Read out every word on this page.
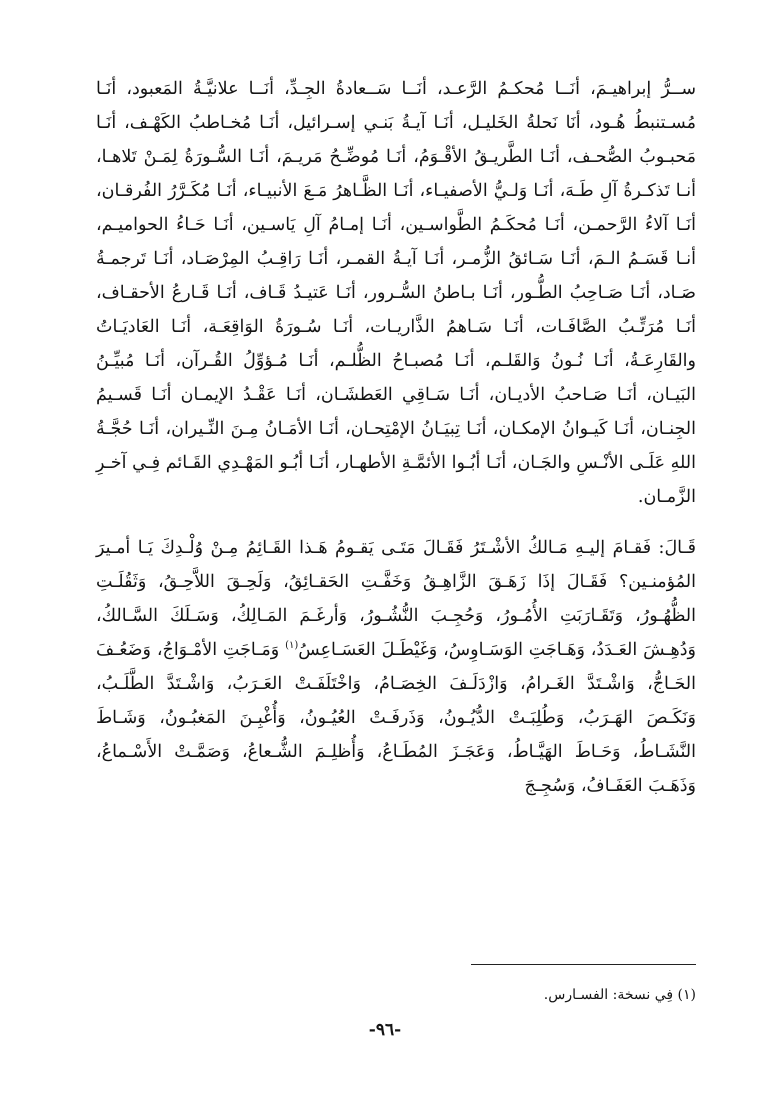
ســرُّ إبراهيـمَ، أنَــا مُحكـمُ الرَّعـد، أنَــا سَــعادةُ الجِـدِّ، أنَــا علانيَّـةُ المَعبود، أنَـا مُسـتنبطُ هُـود، أنَا نَحلةُ الخَليـل، أنَـا آيـةُ بَنـي إسـرائيل، أنَـا مُخـاطبُ الكَهْـف، أنَـا مَحبـوبُ الصُّحـف، أنَـا الطَّريـقُ الأقْـوَمُ، أنَـا مُوضِّـحُ مَريـمَ، أنَـا السُّـورَةُ لِمَـنْ تَلاهـا، أنـا تَذكـرةُ آلِ طَـهَ، أنَـا وَلـيُّ الأصفيـاء، أنَـا الظَّـاهرُ مَـعَ الأنبيـاء، أنَـا مُكَـرَّرُ الفُرقـان، أنَـا آلاءُ الرَّحمـن، أنَـا مُحكَـمُ الطَّواسـين، أنَـا إمـامُ آلِ يَاسـين، أنَـا حَـاءُ الحواميـم، أنـا قَسَـمُ الـمَ، أنَـا سَـائقُ الزُّمـر، أنَـا آيـةُ القمـر، أنَـا رَاقِـبُ المِرْصَـاد، أنَـا تَرجمـةُ صَـاد، أنَـا صَـاحِبُ الطُّـور، أنَـا بـاطنُ السُّـرور، أنَـا عَتيـدُ قَـاف، أنَـا قَـارعُ الأحقـاف، أنَـا مُرَتِّـبُ الصَّافَـات، أنَـا سَـاهمُ الذَّاريـات، أنَـا سُـورَةُ الوَاقِعَـة، أنَـا العَاديَـاتُ والقَارِعَـةُ، أنَـا نُـونُ وَالقَلـم، أنَـا مُصبـاحُ الظُّلـم، أنَـا مُـؤوِّلُ القُـرآن، أنَـا مُبيِّـنُ البَيـان، أنَـا صَـاحبُ الأديـان، أنَـا سَـاقِي العَطشَـان، أنَـا عَقْـدُ الإيمـان أنَـا قَسـيمُ الجِنـان، أنَـا كَيـوانُ الإمكـان، أنَـا تِبيَـانُ الإمْتِحـان، أنَـا الأمَـانُ مِـنَ النِّـيران، أنَـا حُجَّـةُ اللهِ عَلَـى الأنْـسِ والجَـان، أنَـا أبُـوا الأئمَّـةِ الأطهـار، أنَـا أبُـو المَهْـدِي القَـائم فِـي آخـرِ الزَّمـان.

قَـالَ: فَقـامَ إليـهِ مَـالكُ الأشْـتَرُ فَقَـالَ مَتَـى يَقـومُ هَـذا القَـائِمُ مِـنْ وُلْـدِكَ يَـا أمـيرَ المُؤمنـين؟ فَقَـالَ إذَا زَهَـقَ الزَّاهِـقُ وَخَفَّـتِ الحَقـائِقُ، وَلَحِـقَ اللاَّحِـقُ، وَثَقُلَـتِ الظُّهُـورُ، وَتَقَـارَبَتِ الأُمُـورُ، وَحُجِـبَ النُّشُـورُ، وَأرغَـمَ المَـالِكُ، وَسَـلَكَ السَّـالكُ، وَدُهِـشَ العَـدَدُ، وَهَـاجَتِ الوَسَـاوِسُ، وَغَيْطَـلَ العَسَـاعِسُ$^{(١)}$ وَمَـاجَتِ الأمْـوَاجُ، وَضَعُـفَ الحَـاجُّ، وَاشْـتَدَّ الغَـرامُ، وَازْدَلَـفَ الخِصَـامُ، وَاخْتَلَفَـتْ العَـرَبُ، وَاشْـتَدَّ الطَّلَـبُ، وَنَكَـصَ الهَـرَبُ، وَطُلِبَـتْ الدُّيُـونُ، وَذَرفَـتْ العُيُـونُ، وَأُغْبِـنَ المَغبُـونُ، وَشَـاطَ النَّشَـاطُ، وَحَـاطَ الهَيَّـاطُ، وَعَجَـزَ المُطَـاعُ، وَأُظلِـمَ الشُّـعاعُ، وَصَمَّـتْ الأَسْـماعُ، وَذَهَـبَ العَفَـافُ، وَسُجِـجَ

(١) فِي نسخة: الفسـارس.
-٩٦-
